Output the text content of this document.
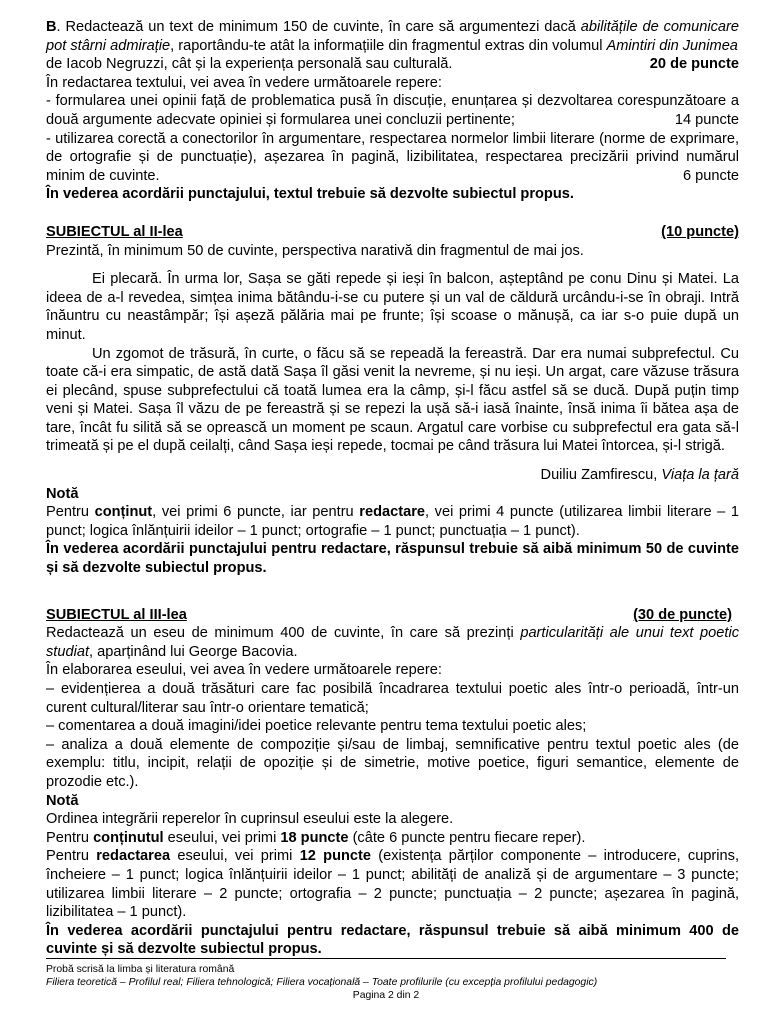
B. Redactează un text de minimum 150 de cuvinte, în care să argumentezi dacă abilitățile de comunicare pot stârni admirație, raportându-te atât la informațiile din fragmentul extras din volumul Amintiri din Junimea

de Iacob Negruzzi, cât și la experiența personală sau culturală.	20 de puncte

În redactarea textului, vei avea în vedere următoarele repere:

- formularea unei opinii față de problematica pusă în discuție, enunțarea și dezvoltarea corespunzătoare a două argumente adecvate opiniei și formularea unei concluzii pertinente;	14 puncte

- utilizarea corectă a conectorilor în argumentare, respectarea normelor limbii literare (norme de exprimare, de ortografie și de punctuație), așezarea în pagină, lizibilitatea, respectarea precizării privind numărul minim de cuvinte.	6 puncte

În vederea acordării punctajului, textul trebuie să dezvolte subiectul propus.

SUBIECTUL al II-lea	(10 puncte)

Prezintă, în minimum 50 de cuvinte, perspectiva narativă din fragmentul de mai jos.

Ei plecară. În urma lor, Sașa se găti repede și ieși în balcon, așteptând pe conu Dinu și Matei. La ideea de a-l revedea, simțea inima bătându-i-se cu putere și un val de căldură urcându-i-se în obraji. Intră înăuntru cu neastâmpăr; își așeză pălăria mai pe frunte; își scoase o mănușă, ca iar s-o puie după un minut.

Un zgomot de trăsură, în curte, o făcu să se repeadă la fereastră. Dar era numai subprefectul. Cu toate că-i era simpatic, de astă dată Sașa îl găsi venit la nevreme, și nu ieși. Un argat, care văzuse trăsura ei plecând, spuse subprefectului că toată lumea era la câmp, și-l făcu astfel să se ducă. După puțin timp veni și Matei. Sașa îl văzu de pe fereastră și se repezi la ușă să-i iasă înainte, însă inima îi bătea așa de tare, încât fu silită să se oprească un moment pe scaun. Argatul care vorbise cu subprefectul era gata să-l trimeată și pe el după ceilalți, când Sașa ieși repede, tocmai pe când trăsura lui Matei întorcea, și-l strigă.

Duiliu Zamfirescu, Viața la țară

Notă

Pentru conținut, vei primi 6 puncte, iar pentru redactare, vei primi 4 puncte (utilizarea limbii literare – 1 punct; logica înlănțuirii ideilor – 1 punct; ortografie – 1 punct; punctuația – 1 punct).

În vederea acordării punctajului pentru redactare, răspunsul trebuie să aibă minimum 50 de cuvinte și să dezvolte subiectul propus.

SUBIECTUL al III-lea	(30 de puncte)

Redactează un eseu de minimum 400 de cuvinte, în care să prezinți particularități ale unui text poetic studiat, aparținând lui George Bacovia.

În elaborarea eseului, vei avea în vedere următoarele repere:

– evidențierea a două trăsături care fac posibilă încadrarea textului poetic ales într-o perioadă, într-un curent cultural/literar sau într-o orientare tematică;

– comentarea a două imagini/idei poetice relevante pentru tema textului poetic ales;

– analiza a două elemente de compoziție și/sau de limbaj, semnificative pentru textul poetic ales (de exemplu: titlu, incipit, relații de opoziție și de simetrie, motive poetice, figuri semantice, elemente de prozodie etc.).

Notă

Ordinea integrării reperelor în cuprinsul eseului este la alegere.

Pentru conținutul eseului, vei primi 18 puncte (câte 6 puncte pentru fiecare reper).

Pentru redactarea eseului, vei primi 12 puncte (existența părților componente – introducere, cuprins, încheiere – 1 punct; logica înlănțuirii ideilor – 1 punct; abilități de analiză și de argumentare – 3 puncte; utilizarea limbii literare – 2 puncte; ortografia – 2 puncte; punctuația – 2 puncte; așezarea în pagină, lizibilitatea – 1 punct).

În vederea acordării punctajului pentru redactare, răspunsul trebuie să aibă minimum 400 de cuvinte și să dezvolte subiectul propus.

Probă scrisă la limba și literatura română

Filiera teoretică – Profilul real; Filiera tehnologică; Filiera vocațională – Toate profilurile (cu excepția profilului pedagogic)

Pagina 2 din 2
